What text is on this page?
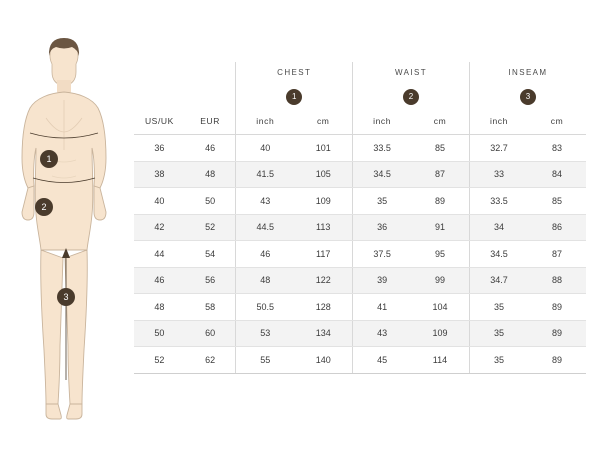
1
2
3
		CHEST		WAIST		INSEAM	
		1		2		3	
US/UK	EUR	inch	cm	inch	cm	inch	cm
36	46	40	101	33.5	85	32.7	83
38	48	41.5	105	34.5	87	33	84
40	50	43	109	35	89	33.5	85
42	52	44.5	113	36	91	34	86
44	54	46	117	37.5	95	34.5	87
46	56	48	122	39	99	34.7	88
48	58	50.5	128	41	104	35	89
50	60	53	134	43	109	35	89
52	62	55	140	45	114	35	89
